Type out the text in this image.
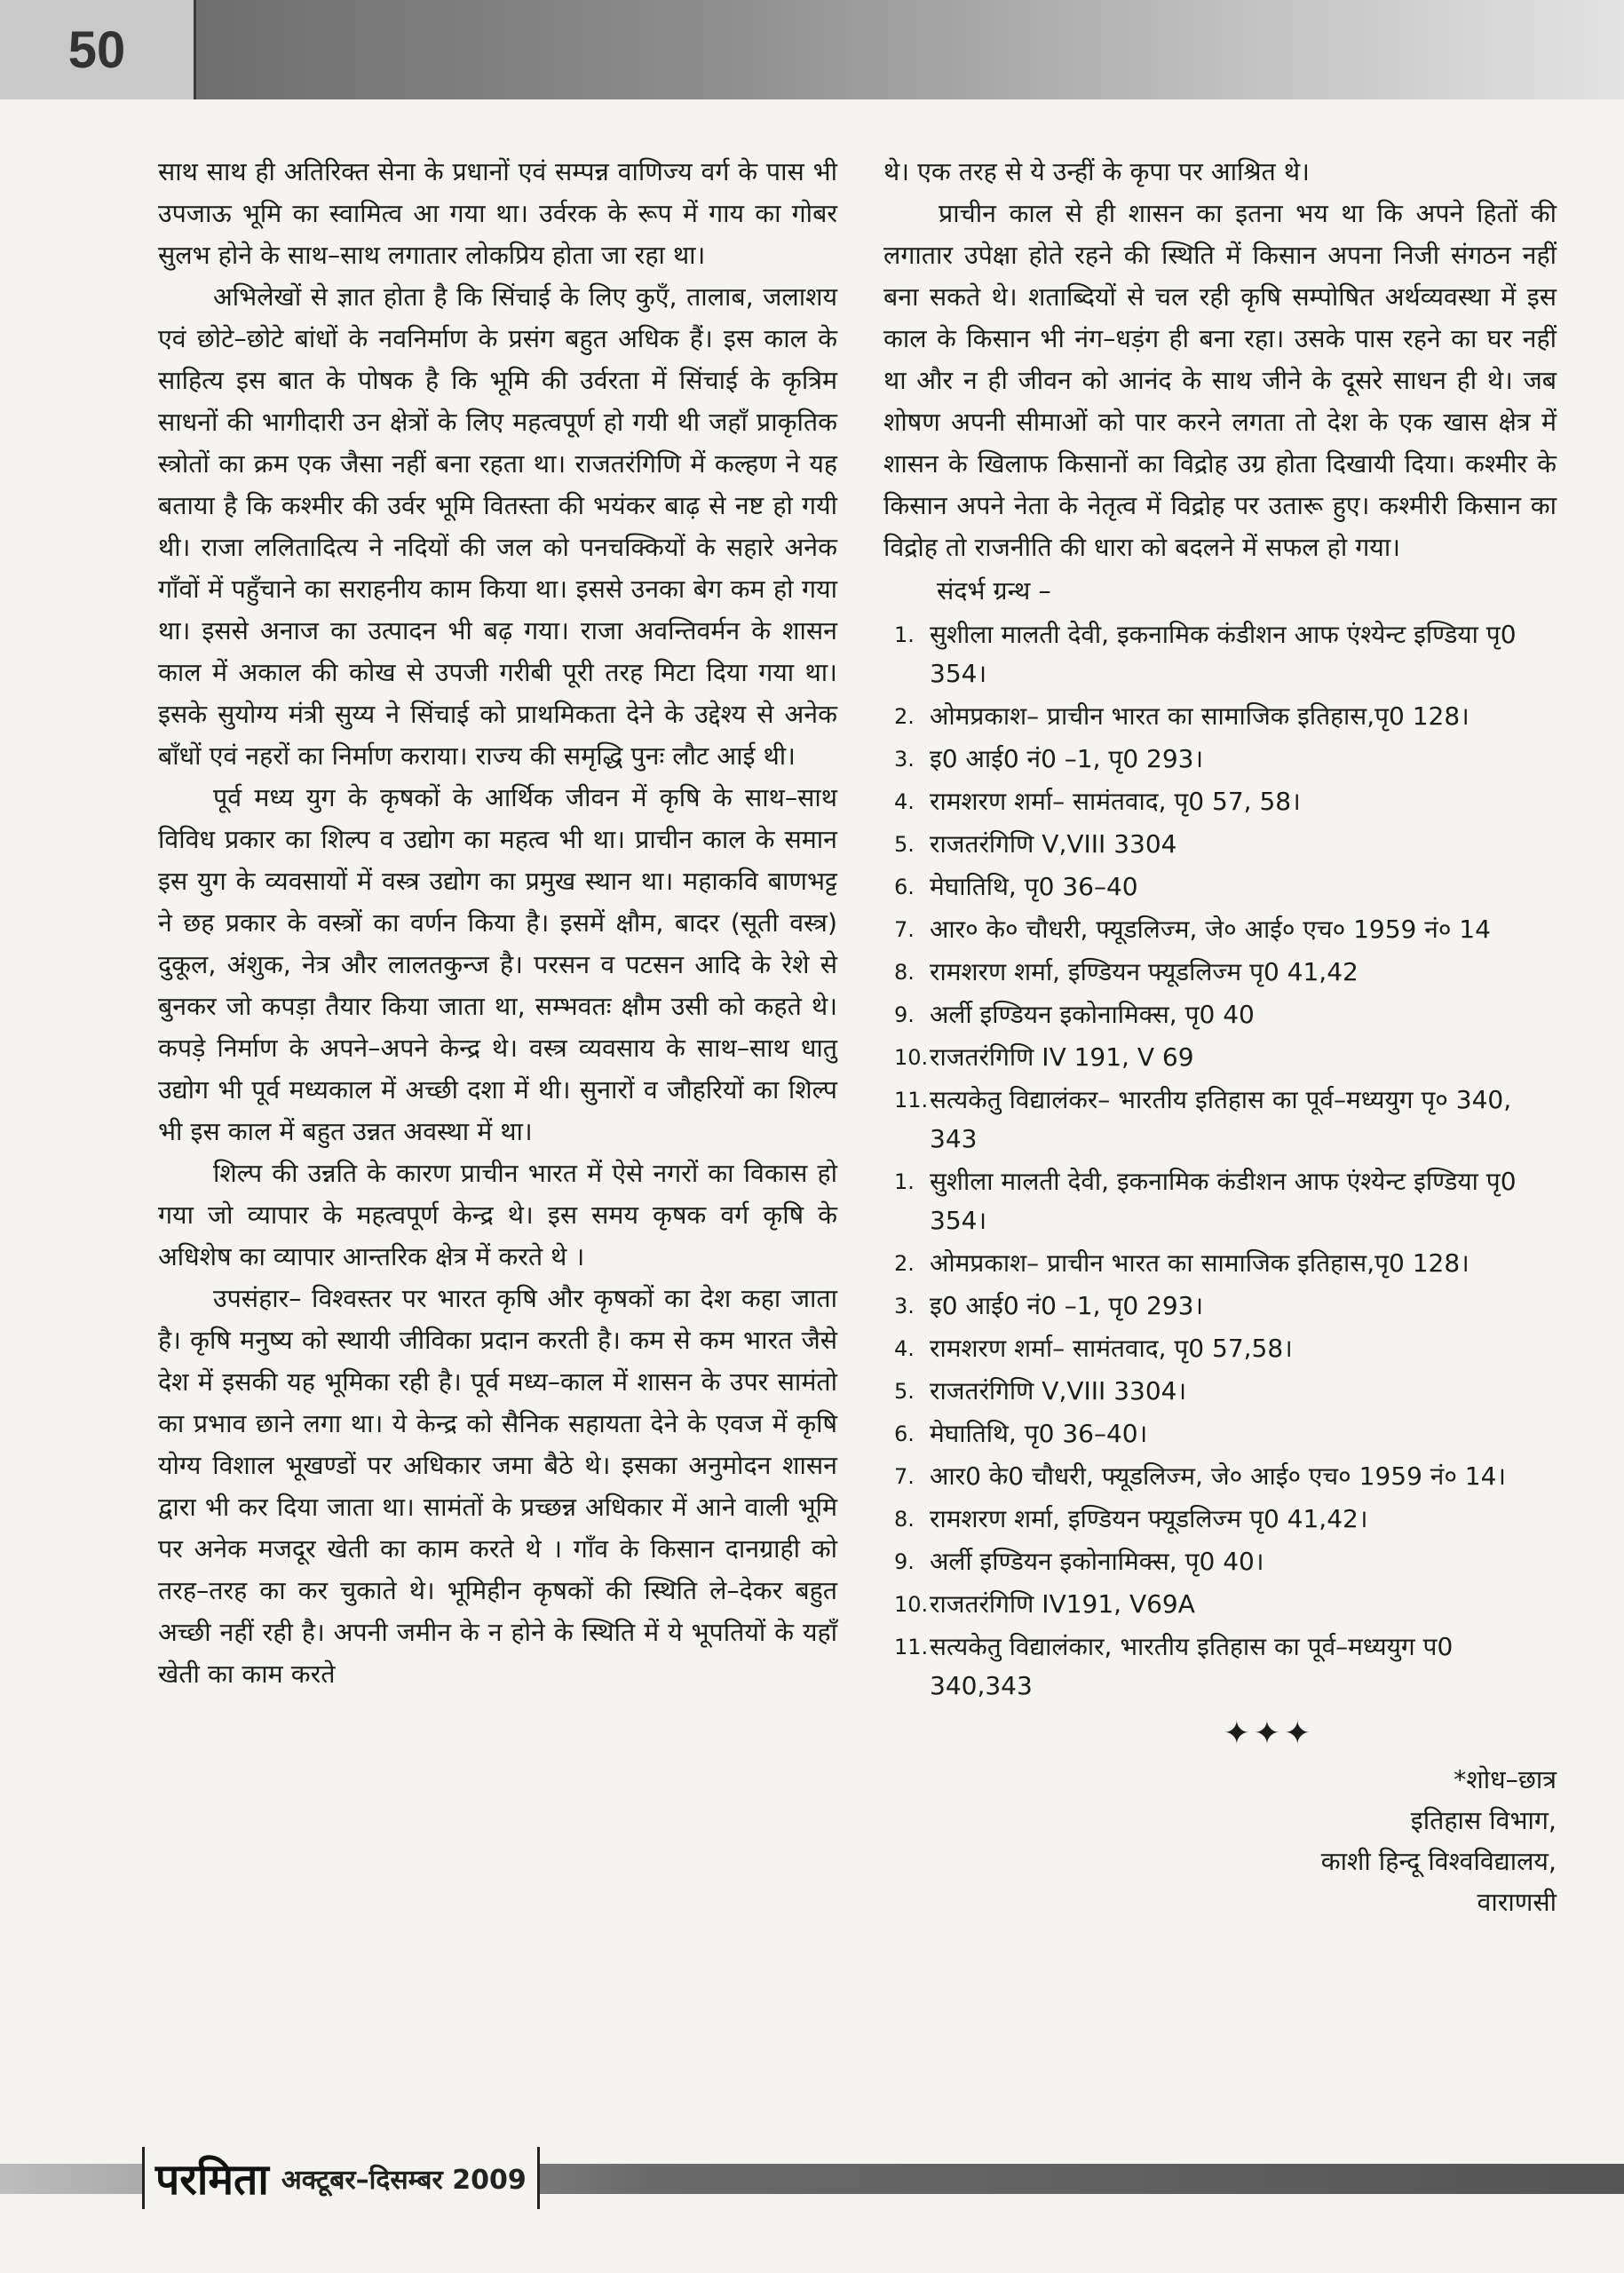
50

साथ साथ ही अतिरिक्त सेना के प्रधानों एवं सम्पन्न वाणिज्य वर्ग के पास भी उपजाऊ भूमि का स्वामित्व आ गया था। उर्वरक के रूप में गाय का गोबर सुलभ होने के साथ–साथ लगातार लोकप्रिय होता जा रहा था।

अभिलेखों से ज्ञात होता है कि सिंचाई के लिए कुएँ, तालाब, जलाशय एवं छोटे–छोटे बांधों के नवनिर्माण के प्रसंग बहुत अधिक हैं। इस काल के साहित्य इस बात के पोषक है कि भूमि की उर्वरता में सिंचाई के कृत्रिम साधनों की भागीदारी उन क्षेत्रों के लिए महत्वपूर्ण हो गयी थी जहाँ प्राकृतिक स्त्रोतों का क्रम एक जैसा नहीं बना रहता था। राजतरंगिणि में कल्हण ने यह बताया है कि कश्मीर की उर्वर भूमि वितस्ता की भयंकर बाढ़ से नष्ट हो गयी थी। राजा ललितादित्य ने नदियों की जल को पनचक्कियों के सहारे अनेक गाँवों में पहुँचाने का सराहनीय काम किया था। इससे उनका बेग कम हो गया था। इससे अनाज का उत्पादन भी बढ़ गया। राजा अवन्तिवर्मन के शासन काल में अकाल की कोख से उपजी गरीबी पूरी तरह मिटा दिया गया था। इसके सुयोग्य मंत्री सुय्य ने सिंचाई को प्राथमिकता देने के उद्देश्य से अनेक बाँधों एवं नहरों का निर्माण कराया। राज्य की समृद्धि पुनः लौट आई थी।

पूर्व मध्य युग के कृषकों के आर्थिक जीवन में कृषि के साथ–साथ विविध प्रकार का शिल्प व उद्योग का महत्व भी था। प्राचीन काल के समान इस युग के व्यवसायों में वस्त्र उद्योग का प्रमुख स्थान था। महाकवि बाणभट्ट ने छह प्रकार के वस्त्रों का वर्णन किया है। इसमें क्षौम, बादर (सूती वस्त्र) दुकूल, अंशुक, नेत्र और लालतकुन्ज है। परसन व पटसन आदि के रेशे से बुनकर जो कपड़ा तैयार किया जाता था, सम्भवतः क्षौम उसी को कहते थे। कपड़े निर्माण के अपने–अपने केन्द्र थे। वस्त्र व्यवसाय के साथ–साथ धातु उद्योग भी पूर्व मध्यकाल में अच्छी दशा में थी। सुनारों व जौहरियों का शिल्प भी इस काल में बहुत उन्नत अवस्था में था।

शिल्प की उन्नति के कारण प्राचीन भारत में ऐसे नगरों का विकास हो गया जो व्यापार के महत्वपूर्ण केन्द्र थे। इस समय कृषक वर्ग कृषि के अधिशेष का व्यापार आन्तरिक क्षेत्र में करते थे ।

उपसंहार– विश्वस्तर पर भारत कृषि और कृषकों का देश कहा जाता है। कृषि मनुष्य को स्थायी जीविका प्रदान करती है। कम से कम भारत जैसे देश में इसकी यह भूमिका रही है। पूर्व मध्य–काल में शासन के उपर सामंतो का प्रभाव छाने लगा था। ये केन्द्र को सैनिक सहायता देने के एवज में कृषि योग्य विशाल भूखण्डों पर अधिकार जमा बैठे थे। इसका अनुमोदन शासन द्वारा भी कर दिया जाता था। सामंतों के प्रच्छन्न अधिकार में आने वाली भूमि पर अनेक मजदूर खेती का काम करते थे । गाँव के किसान दानग्राही को तरह–तरह का कर चुकाते थे। भूमिहीन कृषकों की स्थिति ले–देकर बहुत अच्छी नहीं रही है। अपनी जमीन के न होने के स्थिति में ये भूपतियों के यहाँ खेती का काम करते

थे। एक तरह से ये उन्हीं के कृपा पर आश्रित थे।

प्राचीन काल से ही शासन का इतना भय था कि अपने हितों की लगातार उपेक्षा होते रहने की स्थिति में किसान अपना निजी संगठन नहीं बना सकते थे। शताब्दियों से चल रही कृषि सम्पोषित अर्थव्यवस्था में इस काल के किसान भी नंग–धड़ंग ही बना रहा। उसके पास रहने का घर नहीं था और न ही जीवन को आनंद के साथ जीने के दूसरे साधन ही थे। जब शोषण अपनी सीमाओं को पार करने लगता तो देश के एक खास क्षेत्र में शासन के खिलाफ किसानों का विद्रोह उग्र होता दिखायी दिया। कश्मीर के किसान अपने नेता के नेतृत्व में विद्रोह पर उतारू हुए। कश्मीरी किसान का विद्रोह तो राजनीति की धारा को बदलने में सफल हो गया।

संदर्भ ग्रन्थ –

1. सुशीला मालती देवी, इकनामिक कंडीशन आफ एंश्येन्ट इण्डिया पृ0 354।
2. ओमप्रकाश– प्राचीन भारत का सामाजिक इतिहास,पृ0 128।
3. इ0 आई0 नं0 –1, पृ0 293।
4. रामशरण शर्मा– सामंतवाद, पृ0 57, 58।
5. राजतरंगिणि V,VIII 3304
6. मेघातिथि, पृ0 36–40
7. आर० के० चौधरी, फ्यूडलिज्म, जे० आई० एच० 1959 नं० 14
8. रामशरण शर्मा, इण्डियन फ्यूडलिज्म पृ0 41,42
9. अर्ली इण्डियन इकोनामिक्स, पृ0 40
10. राजतरंगिणि IV 191, V 69
11. सत्यकेतु विद्यालंकर– भारतीय इतिहास का पूर्व–मध्ययुग पृ० 340, 343
1. सुशीला मालती देवी, इकनामिक कंडीशन आफ एंश्येन्ट इण्डिया पृ0 354।
2. ओमप्रकाश– प्राचीन भारत का सामाजिक इतिहास,पृ0 128।
3. इ0 आई0 नं0 –1, पृ0 293।
4. रामशरण शर्मा– सामंतवाद, पृ0 57,58।
5. राजतरंगिणि V,VIII 3304।
6. मेघातिथि, पृ0 36–40।
7. आर0 के0 चौधरी, फ्यूडलिज्म, जे० आई० एच० 1959 नं० 14।
8. रामशरण शर्मा, इण्डियन फ्यूडलिज्म पृ0 41,42।
9. अर्ली इण्डियन इकोनामिक्स, पृ0 40।
10. राजतरंगिणि IV191, V69A
11. सत्यकेतु विद्यालंकार, भारतीय इतिहास का पूर्व–मध्ययुग प0 340,343
✦✦✦
*शोध–छात्र
इतिहास विभाग,
काशी हिन्दू विश्वविद्यालय,
वाराणसी
परमिता अक्टूबर–दिसम्बर 2009
